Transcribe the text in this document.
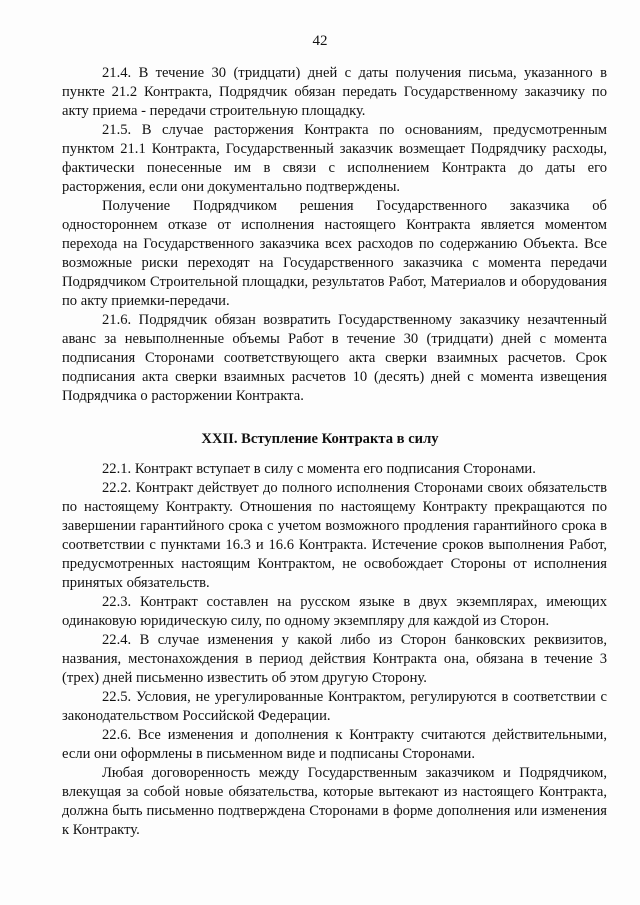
42

21.4. В течение 30 (тридцати) дней с даты получения письма, указанного в пункте 21.2 Контракта, Подрядчик обязан передать Государственному заказчику по акту приема - передачи строительную площадку.

21.5. В случае расторжения Контракта по основаниям, предусмотренным пунктом 21.1 Контракта, Государственный заказчик возмещает Подрядчику расходы, фактически понесенные им в связи с исполнением Контракта до даты его расторжения, если они документально подтверждены.

Получение Подрядчиком решения Государственного заказчика об одностороннем отказе от исполнения настоящего Контракта является моментом перехода на Государственного заказчика всех расходов по содержанию Объекта. Все возможные риски переходят на Государственного заказчика с момента передачи Подрядчиком Строительной площадки, результатов Работ, Материалов и оборудования по акту приемки-передачи.

21.6. Подрядчик обязан возвратить Государственному заказчику незачтенный аванс за невыполненные объемы Работ в течение 30 (тридцати) дней с момента подписания Сторонами соответствующего акта сверки взаимных расчетов. Срок подписания акта сверки взаимных расчетов 10 (десять) дней с момента извещения Подрядчика о расторжении Контракта.

XXII. Вступление Контракта в силу

22.1. Контракт вступает в силу с момента его подписания Сторонами.

22.2. Контракт действует до полного исполнения Сторонами своих обязательств по настоящему Контракту. Отношения по настоящему Контракту прекращаются по завершении гарантийного срока с учетом возможного продления гарантийного срока в соответствии с пунктами 16.3 и 16.6 Контракта. Истечение сроков выполнения Работ, предусмотренных настоящим Контрактом, не освобождает Стороны от исполнения принятых обязательств.

22.3. Контракт составлен на русском языке в двух экземплярах, имеющих одинаковую юридическую силу, по одному экземпляру для каждой из Сторон.

22.4. В случае изменения у какой либо из Сторон банковских реквизитов, названия, местонахождения в период действия Контракта она, обязана в течение 3 (трех) дней письменно известить об этом другую Сторону.

22.5. Условия, не урегулированные Контрактом, регулируются в соответствии с законодательством Российской Федерации.

22.6. Все изменения и дополнения к Контракту считаются действительными, если они оформлены в письменном виде и подписаны Сторонами.

Любая договоренность между Государственным заказчиком и Подрядчиком, влекущая за собой новые обязательства, которые вытекают из настоящего Контракта, должна быть письменно подтверждена Сторонами в форме дополнения или изменения к Контракту.
